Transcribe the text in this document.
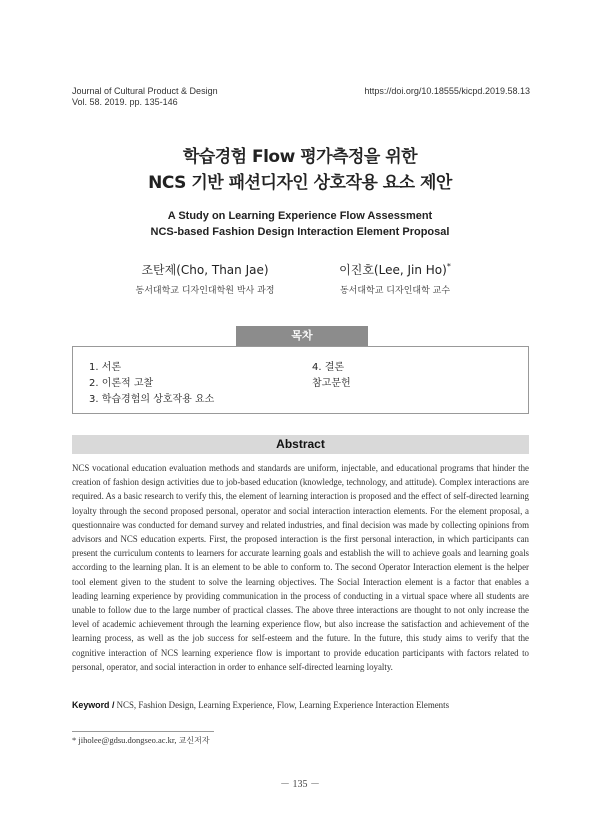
Journal of Cultural Product & Design
Vol. 58. 2019. pp. 135-146
https://doi.org/10.18555/kicpd.2019.58.13
학습경험 Flow 평가측정을 위한
NCS 기반 패션디자인 상호작용 요소 제안
A Study on Learning Experience Flow Assessment
NCS-based Fashion Design Interaction Element Proposal
조탄제(Cho, Than Jae)
동서대학교 디자인대학원 박사 과정
이진호(Lee, Jin Ho)*
동서대학교 디자인대학 교수
목차
1. 서론
2. 이론적 고찰
3. 학습경험의 상호작용 요소
4. 결론
참고문헌
Abstract

NCS vocational education evaluation methods and standards are uniform, injectable, and educational programs that hinder the creation of fashion design activities due to job-based education (knowledge, technology, and attitude). Complex interactions are required. As a basic research to verify this, the element of learning interaction is proposed and the effect of self-directed learning loyalty through the second proposed personal, operator and social interaction interaction elements. For the element proposal, a questionnaire was conducted for demand survey and related industries, and final decision was made by collecting opinions from advisors and NCS education experts. First, the proposed interaction is the first personal interaction, in which participants can present the curriculum contents to learners for accurate learning goals and establish the will to achieve goals and learning goals according to the learning plan. It is an element to be able to conform to. The second Operator Interaction element is the helper tool element given to the student to solve the learning objectives. The Social Interaction element is a factor that enables a leading learning experience by providing communication in the process of conducting in a virtual space where all students are unable to follow due to the large number of practical classes. The above three interactions are thought to not only increase the level of academic achievement through the learning experience flow, but also increase the satisfaction and achievement of the learning process, as well as the job success for self-esteem and the future. In the future, this study aims to verify that the cognitive interaction of NCS learning experience flow is important to provide education participants with factors related to personal, operator, and social interaction in order to enhance self-directed learning loyalty.

Keyword / NCS, Fashion Design, Learning Experience, Flow, Learning Experience Interaction Elements
* jiholee@gdsu.dongseo.ac.kr, 교신저자
－ 135 －
